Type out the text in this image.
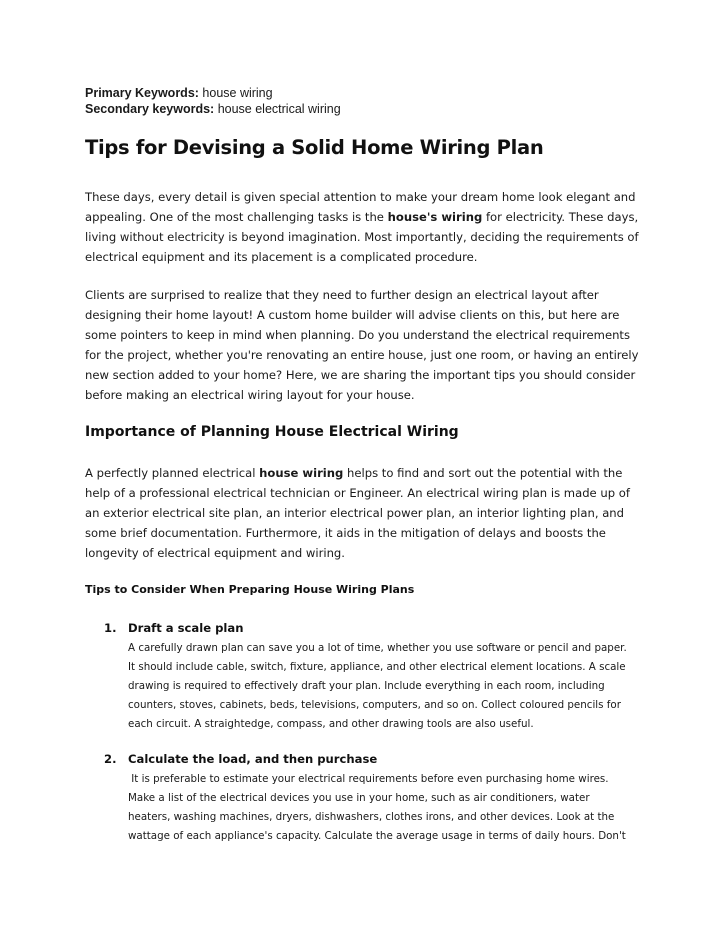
Primary Keywords: house wiring
Secondary keywords: house electrical wiring
Tips for Devising a Solid Home Wiring Plan
These days, every detail is given special attention to make your dream home look elegant and
appealing. One of the most challenging tasks is the house's wiring for electricity. These days,
living without electricity is beyond imagination. Most importantly, deciding the requirements of
electrical equipment and its placement is a complicated procedure.
Clients are surprised to realize that they need to further design an electrical layout after
designing their home layout! A custom home builder will advise clients on this, but here are
some pointers to keep in mind when planning. Do you understand the electrical requirements
for the project, whether you're renovating an entire house, just one room, or having an entirely
new section added to your home? Here, we are sharing the important tips you should consider
before making an electrical wiring layout for your house.
Importance of Planning House Electrical Wiring
A perfectly planned electrical house wiring helps to find and sort out the potential with the
help of a professional electrical technician or Engineer. An electrical wiring plan is made up of
an exterior electrical site plan, an interior electrical power plan, an interior lighting plan, and
some brief documentation. Furthermore, it aids in the mitigation of delays and boosts the
longevity of electrical equipment and wiring.
Tips to Consider When Preparing House Wiring Plans
1. Draft a scale plan
A carefully drawn plan can save you a lot of time, whether you use software or pencil and paper.
It should include cable, switch, fixture, appliance, and other electrical element locations. A scale
drawing is required to effectively draft your plan. Include everything in each room, including
counters, stoves, cabinets, beds, televisions, computers, and so on. Collect coloured pencils for
each circuit. A straightedge, compass, and other drawing tools are also useful.
2. Calculate the load, and then purchase
It is preferable to estimate your electrical requirements before even purchasing home wires.
Make a list of the electrical devices you use in your home, such as air conditioners, water
heaters, washing machines, dryers, dishwashers, clothes irons, and other devices. Look at the
wattage of each appliance's capacity. Calculate the average usage in terms of daily hours. Don't
